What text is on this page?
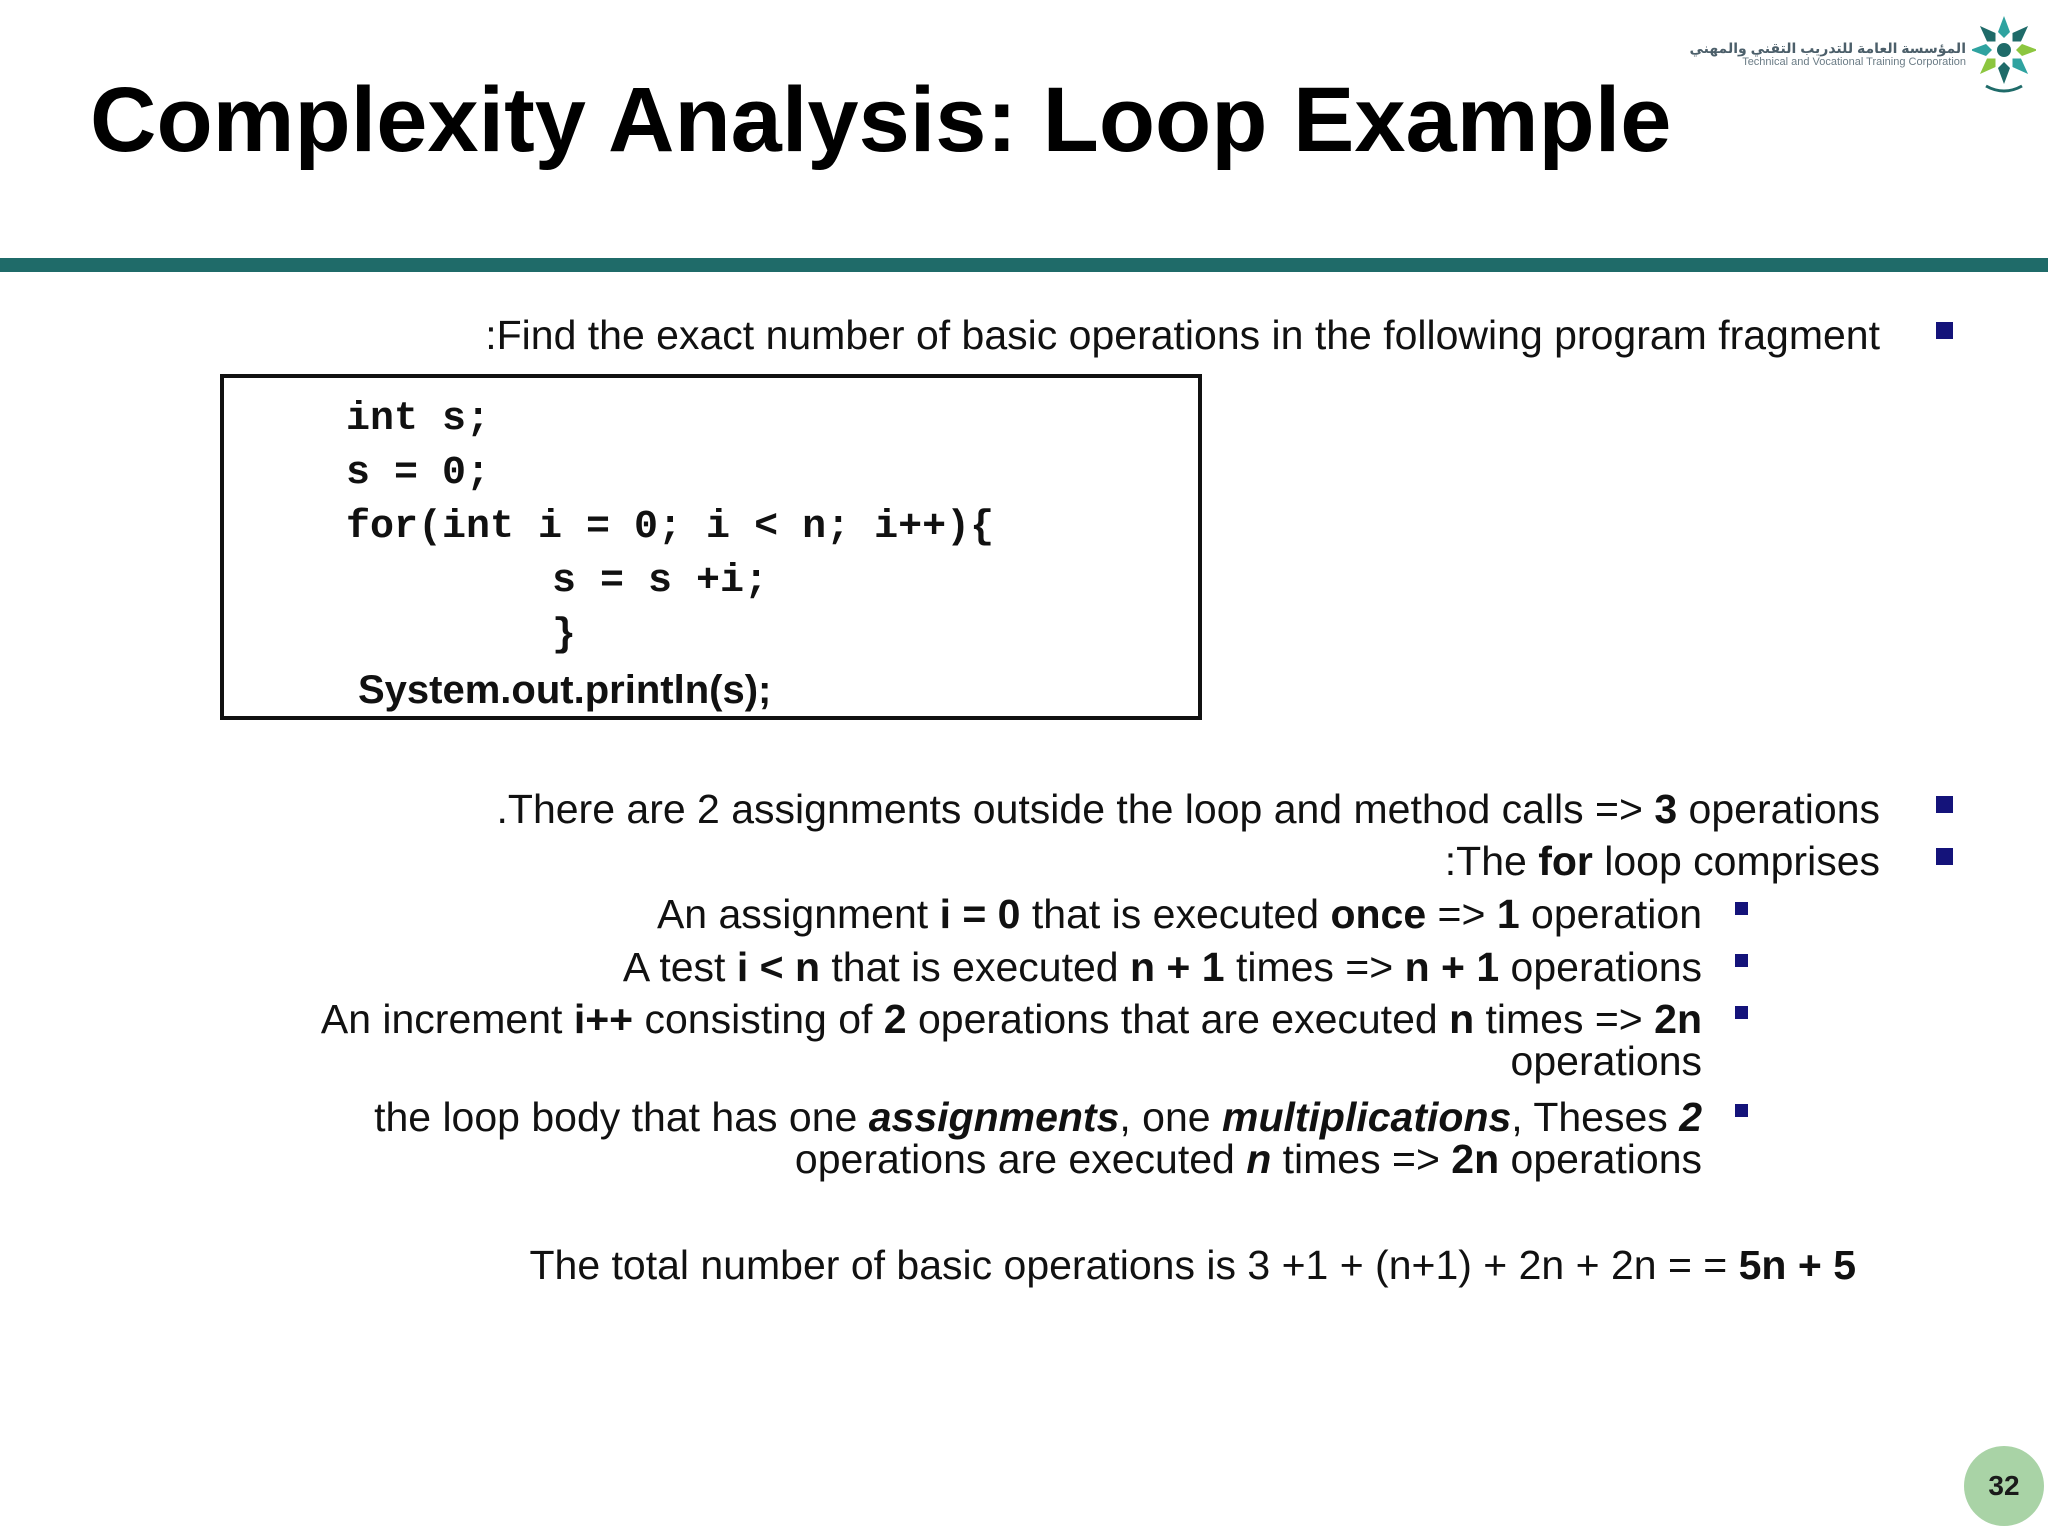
Complexity Analysis: Loop Example
المؤسسة العامة للتدريب التقني والمهني
Technical and Vocational Training Corporation
:Find the exact number of basic operations in the following program fragment
int s;
s = 0;
for(int i = 0; i < n; i++){
s = s +i;
}
System.out.println(s);
.There are 2 assignments outside the loop and method calls => 3 operations
:The for loop comprises
An assignment i = 0 that is executed once => 1 operation
A test i < n that is executed n + 1 times => n + 1 operations
An increment i++ consisting of 2 operations that are executed n times => 2n
operations
the loop body that has one assignments, one multiplications, Theses 2
operations are executed n times => 2n operations
The total number of basic operations is 3 +1 + (n+1) + 2n + 2n = = 5n + 5
32
